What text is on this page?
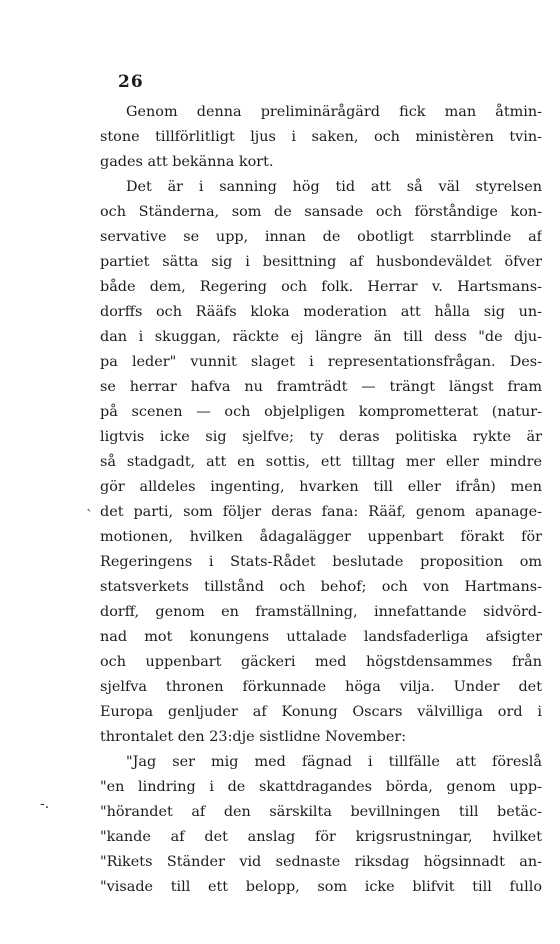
26
`
-.
Genom denna preliminärågärd fick man åtmin-
stone tillförlitligt ljus i saken, och ministèren tvin-
gades att bekänna kort.
Det är i sanning hög tid att så väl styrelsen
och Ständerna, som de sansade och förståndige kon-
servative se upp, innan de obotligt starrblinde af
partiet sätta sig i besittning af husbondeväldet öfver
både dem, Regering och folk. Herrar v. Hartsmans-
dorffs och Rääfs kloka moderation att hålla sig un-
dan i skuggan, räckte ej längre än till dess "de dju-
pa leder" vunnit slaget i representationsfrågan. Des-
se herrar hafva nu framträdt — trängt längst fram
på scenen — och objelpligen komprometterat (natur-
ligtvis icke sig sjelfve; ty deras politiska rykte är
så stadgadt, att en sottis, ett tilltag mer eller mindre
gör alldeles ingenting, hvarken till eller ifrån) men
det parti, som följer deras fana: Rääf, genom apanage-
motionen, hvilken ådagalägger uppenbart förakt för
Regeringens i Stats-Rådet beslutade proposition om
statsverkets tillstånd och behof; och von Hartmans-
dorff, genom en framställning, innefattande sidvörd-
nad mot konungens uttalade landsfaderliga afsigter
och uppenbart gäckeri med högstdensammes från
sjelfva thronen förkunnade höga vilja. Under det
Europa genljuder af Konung Oscars välvilliga ord i
throntalet den 23:dje sistlidne November:
"Jag ser mig med fägnad i tillfälle att föreslå
"en lindring i de skattdragandes börda, genom upp-
"hörandet af den särskilta bevillningen till betäc-
"kande af det anslag för krigsrustningar, hvilket
"Rikets Ständer vid sednaste riksdag högsinnadt an-
"visade till ett belopp, som icke blifvit till fullo
